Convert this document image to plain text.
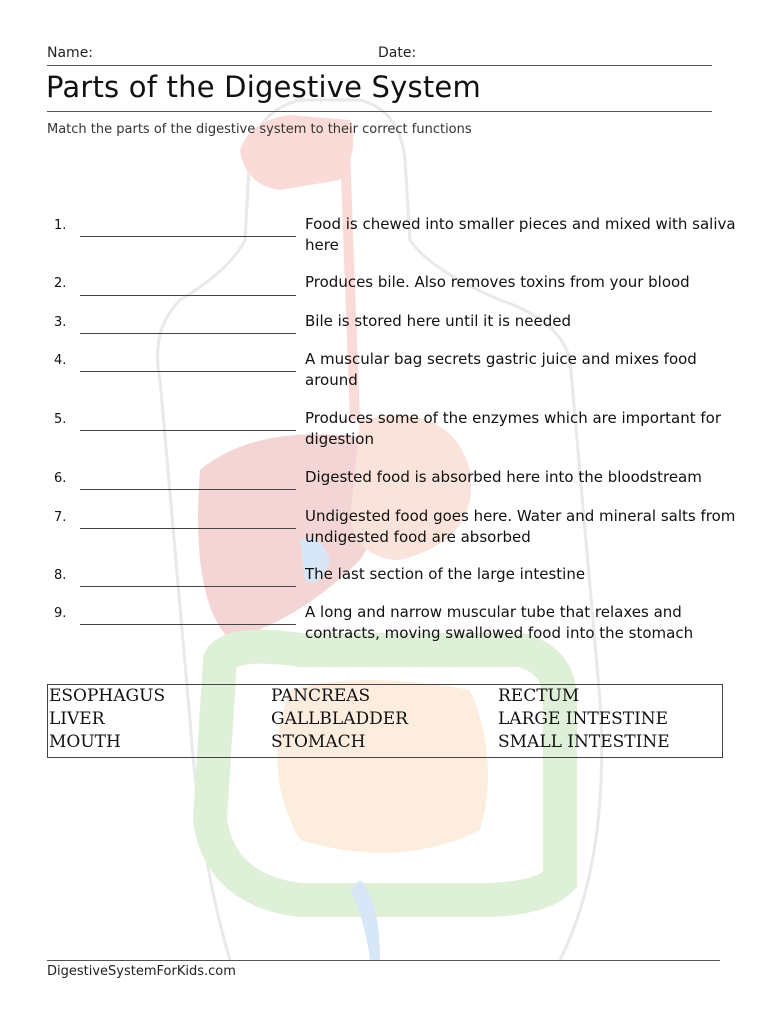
Name:	Date:
Parts of the Digestive System
Match the parts of the digestive system to their correct functions
1.	Food is chewed into smaller pieces and mixed with saliva here
2.	Produces bile. Also removes toxins from your blood
3.	Bile is stored here until it is needed
4.	A muscular bag secrets gastric juice and mixes food around
5.	Produces some of the enzymes which are important for digestion
6.	Digested food is absorbed here into the bloodstream
7.	Undigested food goes here. Water and mineral salts from undigested food are absorbed
8.	The last section of the large intestine
9.	A long and narrow muscular tube that relaxes and contracts, moving swallowed food into the stomach
ESOPHAGUS	PANCREAS	RECTUM
LIVER	GALLBLADDER	LARGE INTESTINE
MOUTH	STOMACH	SMALL INTESTINE
DigestiveSystemForKids.com
